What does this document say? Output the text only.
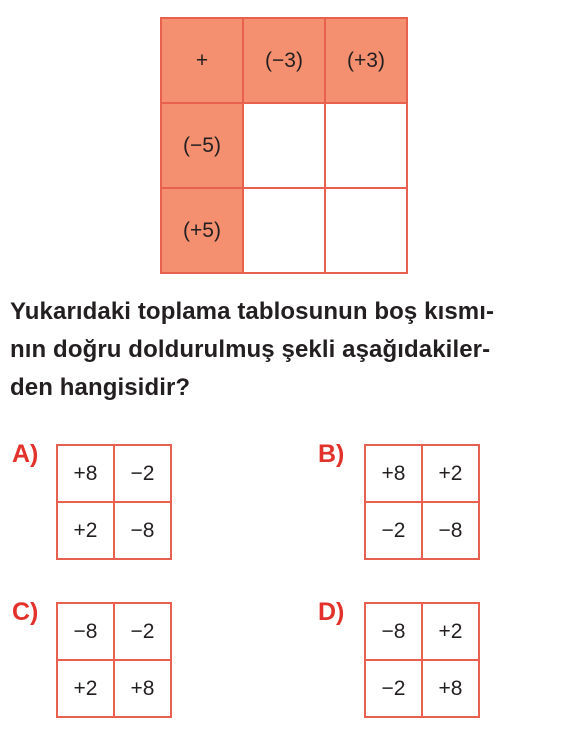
+	(−3)	(+3)
(−5)		
(+5)		

Yukarıdaki toplama tablosunun boş kısmı-
nın doğru doldurulmuş şekli aşağıdakiler-
den hangisidir?

A)
+8	−2
+2	−8
B)
+8	+2
−2	−8
C)
−8	−2
+2	+8
D)
−8	+2
−2	+8
